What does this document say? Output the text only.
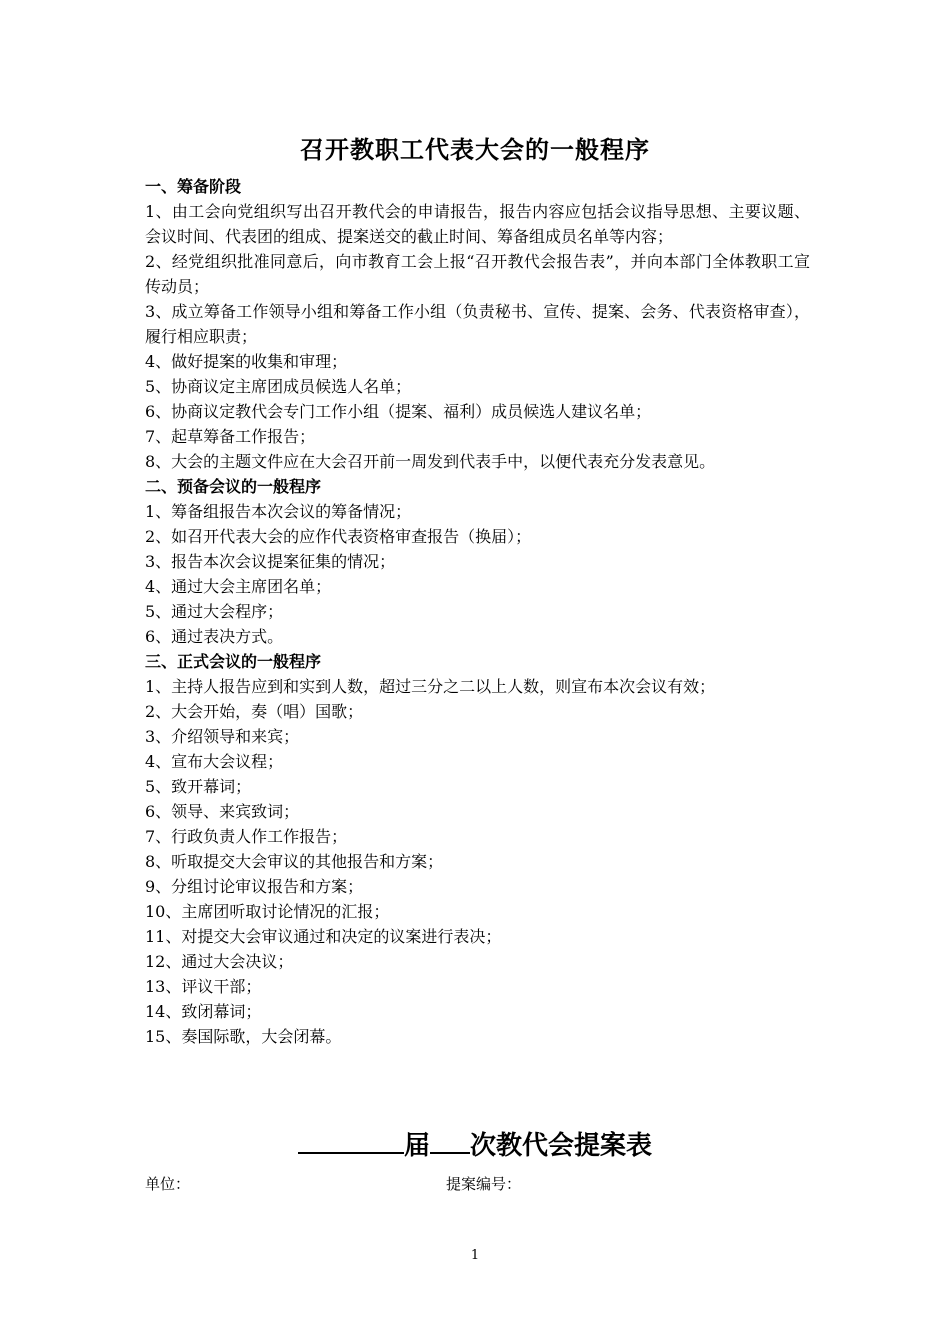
召开教职工代表大会的一般程序
一、筹备阶段
1、由工会向党组织写出召开教代会的申请报告，报告内容应包括会议指导思想、主要议题、会议时间、代表团的组成、提案送交的截止时间、筹备组成员名单等内容；
2、经党组织批准同意后，向市教育工会上报“召开教代会报告表”，并向本部门全体教职工宣传动员；
3、成立筹备工作领导小组和筹备工作小组（负责秘书、宣传、提案、会务、代表资格审查），履行相应职责；
4、做好提案的收集和审理；
5、协商议定主席团成员候选人名单；
6、协商议定教代会专门工作小组（提案、福利）成员候选人建议名单；
7、起草筹备工作报告；
8、大会的主题文件应在大会召开前一周发到代表手中，以便代表充分发表意见。
二、预备会议的一般程序
1、筹备组报告本次会议的筹备情况；
2、如召开代表大会的应作代表资格审查报告（换届）；
3、报告本次会议提案征集的情况；
4、通过大会主席团名单；
5、通过大会程序；
6、通过表决方式。
三、正式会议的一般程序
1、主持人报告应到和实到人数，超过三分之二以上人数，则宣布本次会议有效；
2、大会开始，奏（唱）国歌；
3、介绍领导和来宾；
4、宣布大会议程；
5、致开幕词；
6、领导、来宾致词；
7、行政负责人作工作报告；
8、听取提交大会审议的其他报告和方案；
9、分组讨论审议报告和方案；
10、主席团听取讨论情况的汇报；
11、对提交大会审议通过和决定的议案进行表决；
12、通过大会决议；
13、评议干部；
14、致闭幕词；
15、奏国际歌，大会闭幕。
届 次教代会提案表
单位：	提案编号：
1
